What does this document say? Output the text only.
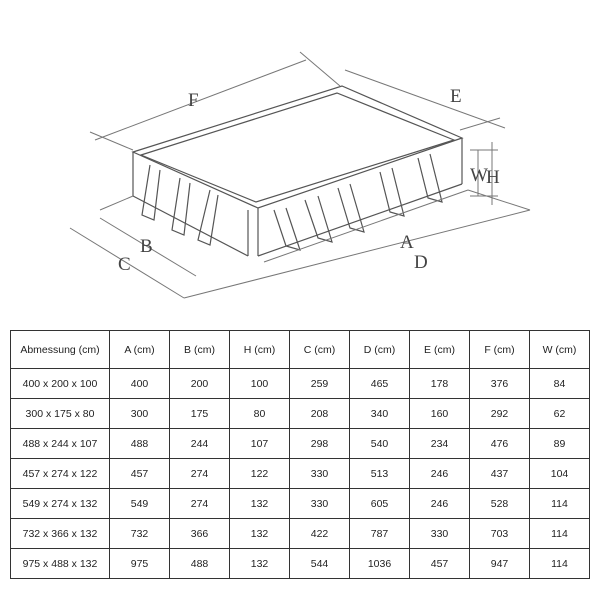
F	E
W
H
B
C
A
D
Abmessung (cm)	A (cm)	B (cm)	H (cm)	C (cm)	D (cm)	E (cm)	F (cm)	W (cm)
400 x 200 x 100	400	200	100	259	465	178	376	84
300 x 175 x 80	300	175	80	208	340	160	292	62
488 x 244 x 107	488	244	107	298	540	234	476	89
457 x 274 x 122	457	274	122	330	513	246	437	104
549 x 274 x 132	549	274	132	330	605	246	528	114
732 x 366 x 132	732	366	132	422	787	330	703	114
975 x 488 x 132	975	488	132	544	1036	457	947	114
